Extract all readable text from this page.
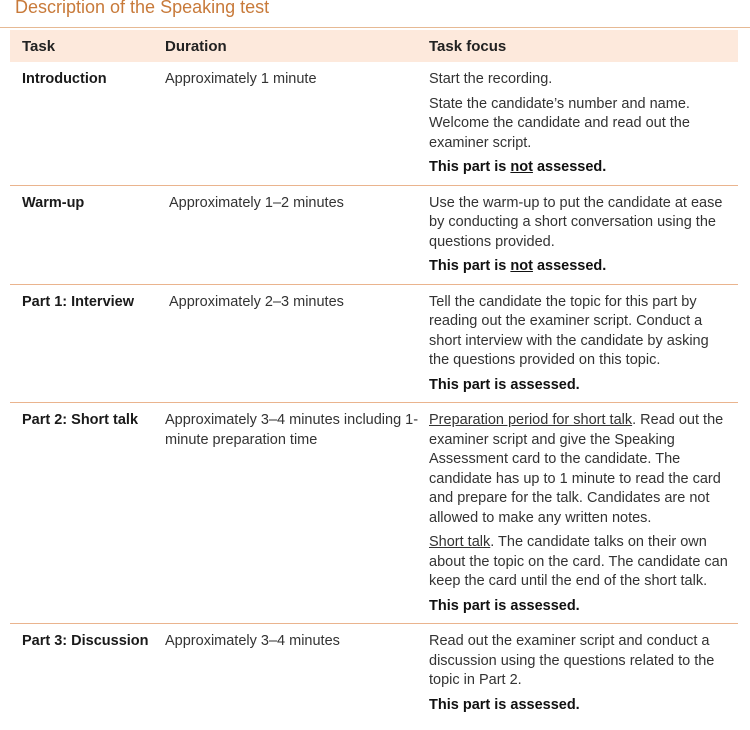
Description of the Speaking test
Task	Duration	Task focus
Introduction	Approximately 1 minute	Start the recording.

State the candidate’s number and name. Welcome the candidate and read out the examiner script.

This part is not assessed.

Warm-up	Approximately 1–2 minutes	Use the warm-up to put the candidate at ease by conducting a short conversation using the questions provided.

This part is not assessed.

Part 1: Interview	Approximately 2–3 minutes	Tell the candidate the topic for this part by reading out the examiner script. Conduct a short interview with the candidate by asking the questions provided on this topic.

This part is assessed.

Part 2: Short talk	Approximately 3–4 minutes including 1-minute preparation time	Preparation period for short talk. Read out the examiner script and give the Speaking Assessment card to the candidate. The candidate has up to 1 minute to read the card and prepare for the talk. Candidates are not allowed to make any written notes.

Short talk. The candidate talks on their own about the topic on the card. The candidate can keep the card until the end of the short talk.

This part is assessed.

Part 3: Discussion	Approximately 3–4 minutes	Read out the examiner script and conduct a discussion using the questions related to the topic in Part 2.

This part is assessed.
